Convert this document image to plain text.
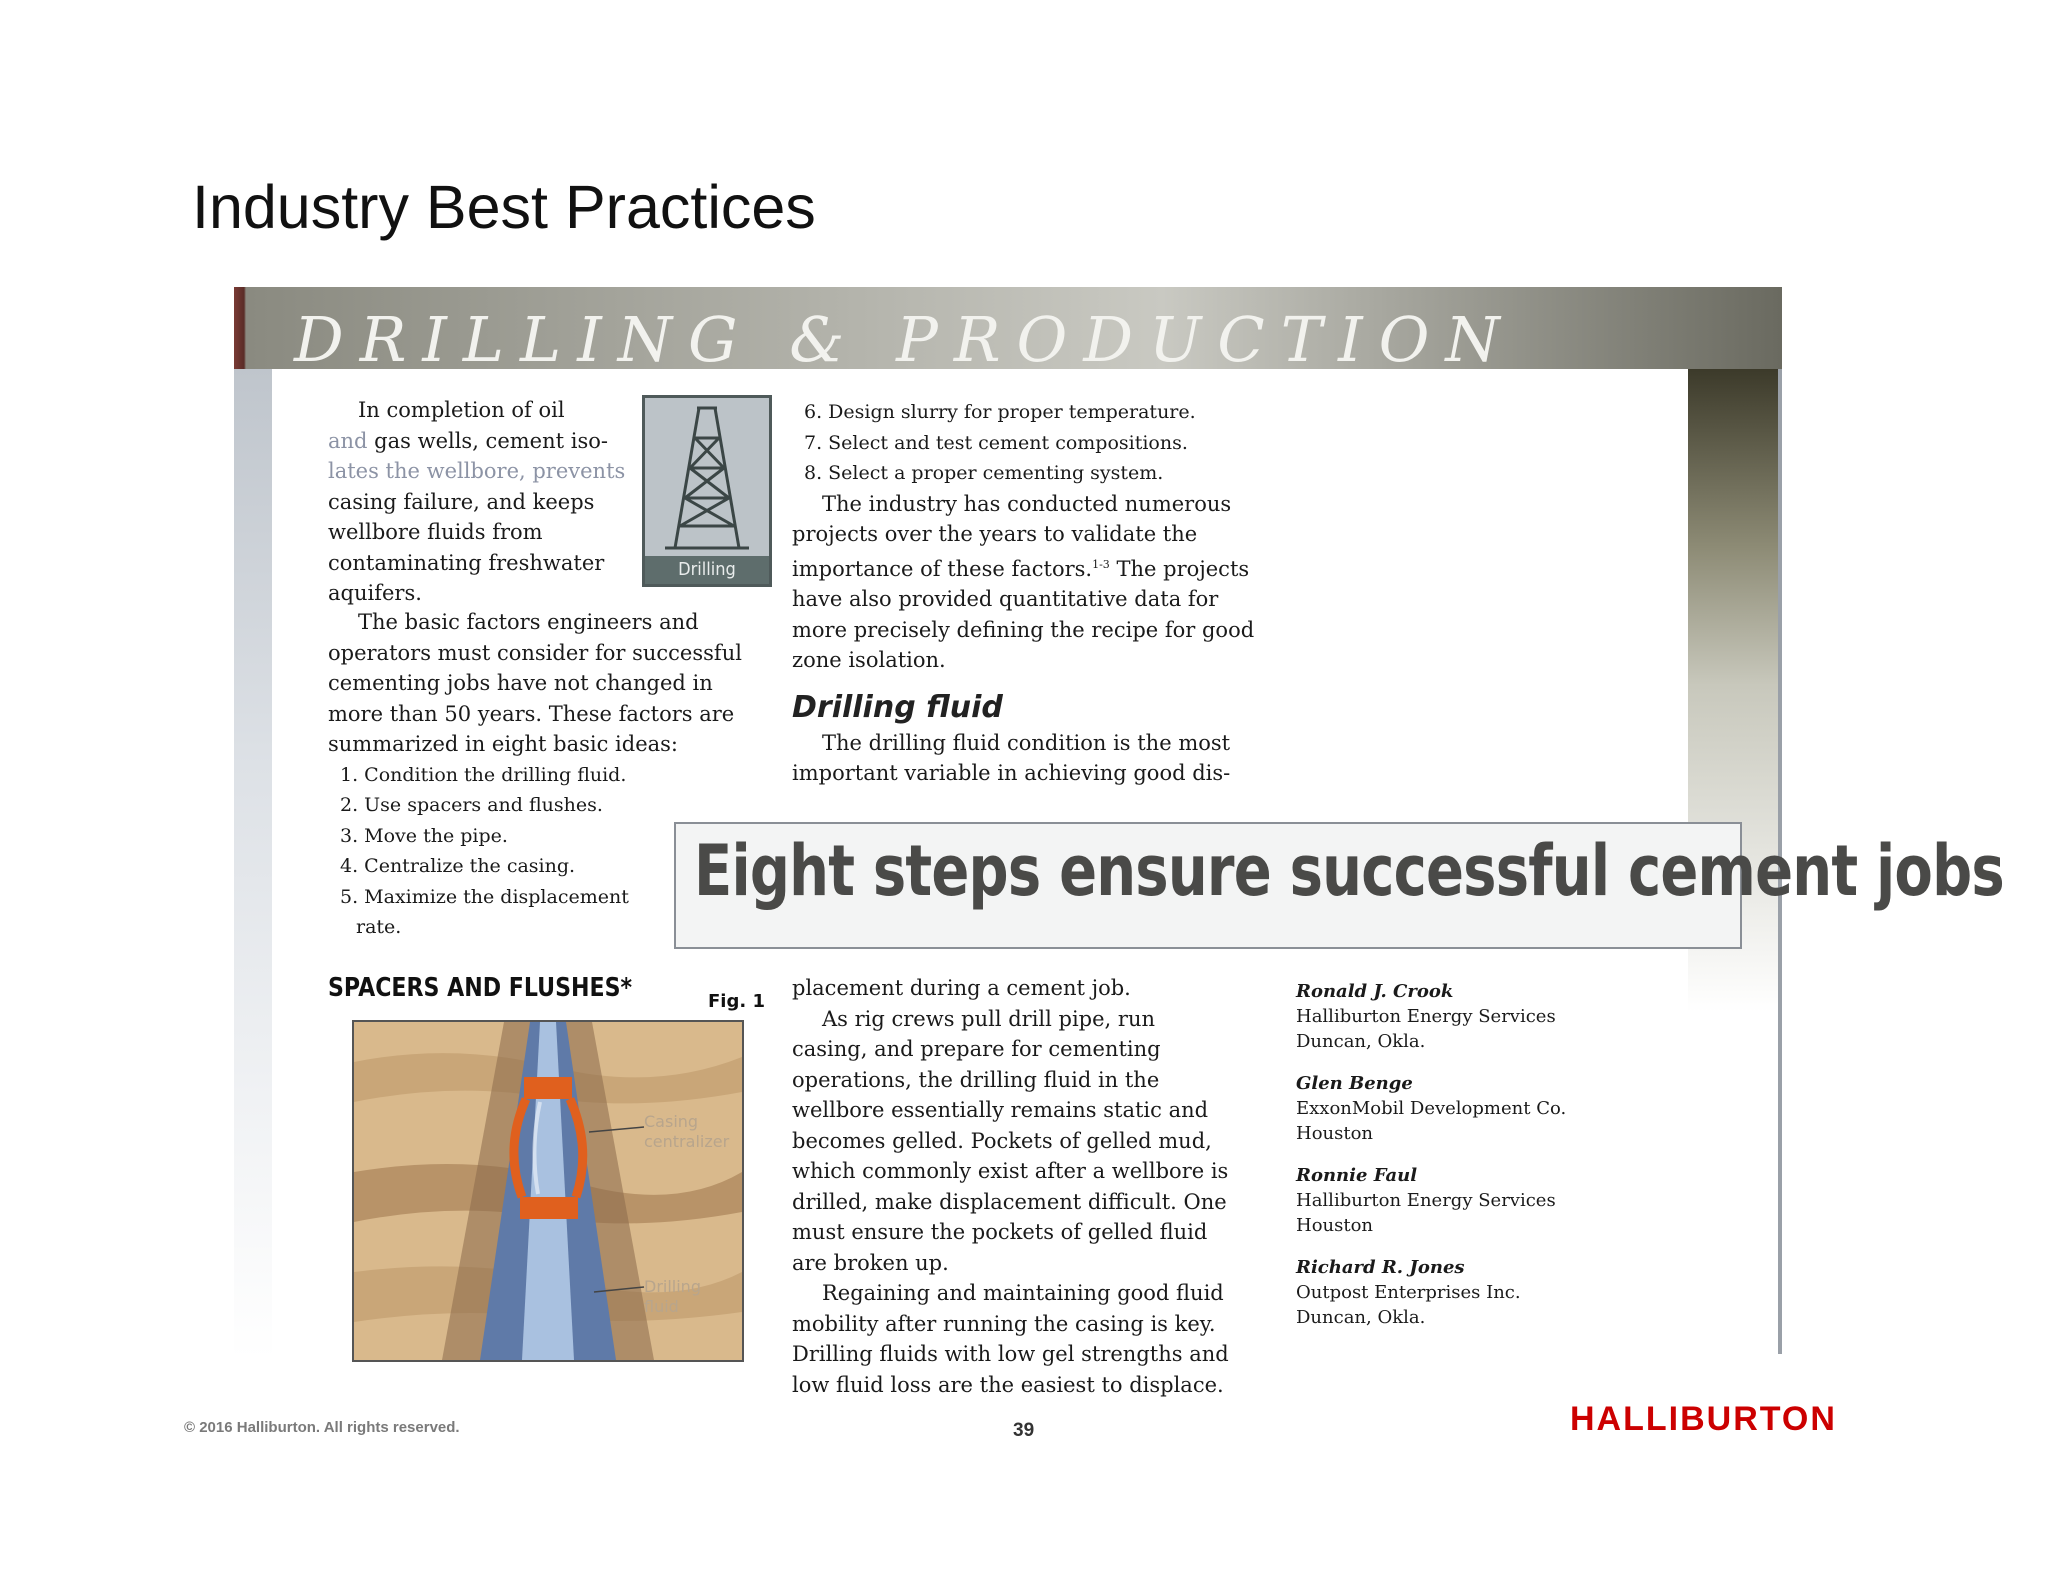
Industry Best Practices
DRILLING & PRODUCTION

In completion of oil

and gas wells, cement iso-

lates the wellbore, prevents

casing failure, and keeps wellbore fluids from contaminating freshwater aquifers.

The basic factors engineers and operators must consider for successful cementing jobs have not changed in more than 50 years. These factors are summarized in eight basic ideas:

1. Condition the drilling fluid.
2. Use spacers and flushes.
3. Move the pipe.
4. Centralize the casing.
5. Maximize the displacement
rate.
Drilling
6. Design slurry for proper temperature.
7. Select and test cement compositions.
8. Select a proper cementing system.

The industry has conducted numerous projects over the years to validate the importance of these factors.$^{1-3}$ The projects have also provided quantitative data for more precisely defining the recipe for good zone isolation.

Drilling fluid

The drilling fluid condition is the most important variable in achieving good dis-

Eight steps ensure successful cement jobs
SPACERS AND FLUSHES*	Fig. 1
Casing
centralizer
Drilling
fluid

placement during a cement job.

As rig crews pull drill pipe, run casing, and prepare for cementing operations, the drilling fluid in the wellbore essentially remains static and becomes gelled. Pockets of gelled mud, which commonly exist after a wellbore is drilled, make displacement difficult. One must ensure the pockets of gelled fluid are broken up.

Regaining and maintaining good fluid mobility after running the casing is key. Drilling fluids with low gel strengths and low fluid loss are the easiest to displace.

Ronald J. Crook
Halliburton Energy Services
Duncan, Okla.
Glen Benge
ExxonMobil Development Co.
Houston
Ronnie Faul
Halliburton Energy Services
Houston
Richard R. Jones
Outpost Enterprises Inc.
Duncan, Okla.
© 2016 Halliburton. All rights reserved.	39	HALLIBURTON
